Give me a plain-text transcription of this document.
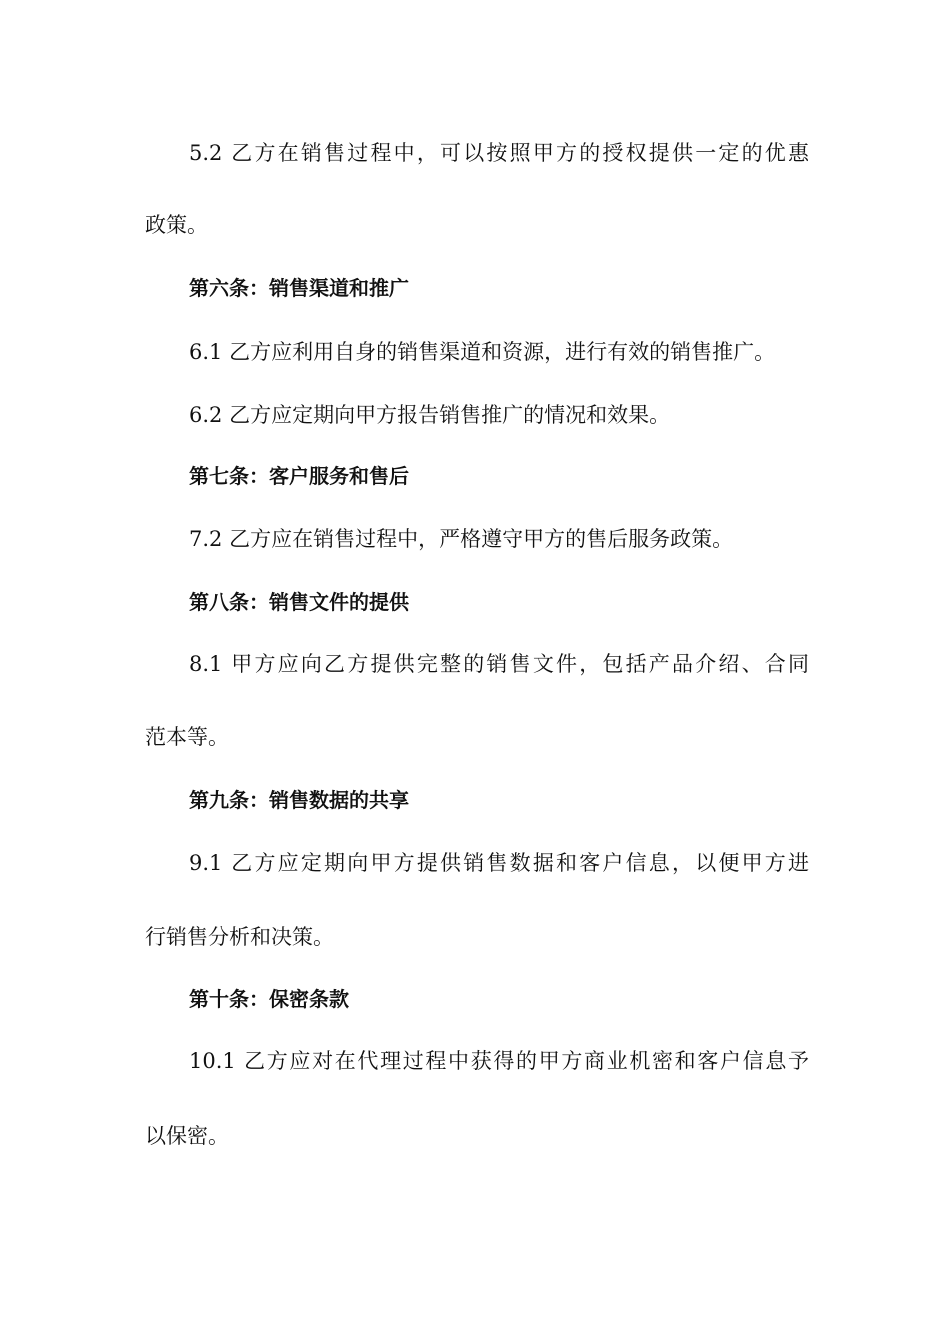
5.2 乙方在销售过程中，可以按照甲方的授权提供一定的优惠

政策。

第六条：销售渠道和推广

6.1 乙方应利用自身的销售渠道和资源，进行有效的销售推广。

6.2 乙方应定期向甲方报告销售推广的情况和效果。

第七条：客户服务和售后

7.2 乙方应在销售过程中，严格遵守甲方的售后服务政策。

第八条：销售文件的提供

8.1 甲方应向乙方提供完整的销售文件，包括产品介绍、合同

范本等。

第九条：销售数据的共享

9.1 乙方应定期向甲方提供销售数据和客户信息，以便甲方进

行销售分析和决策。

第十条：保密条款

10.1 乙方应对在代理过程中获得的甲方商业机密和客户信息予

以保密。
